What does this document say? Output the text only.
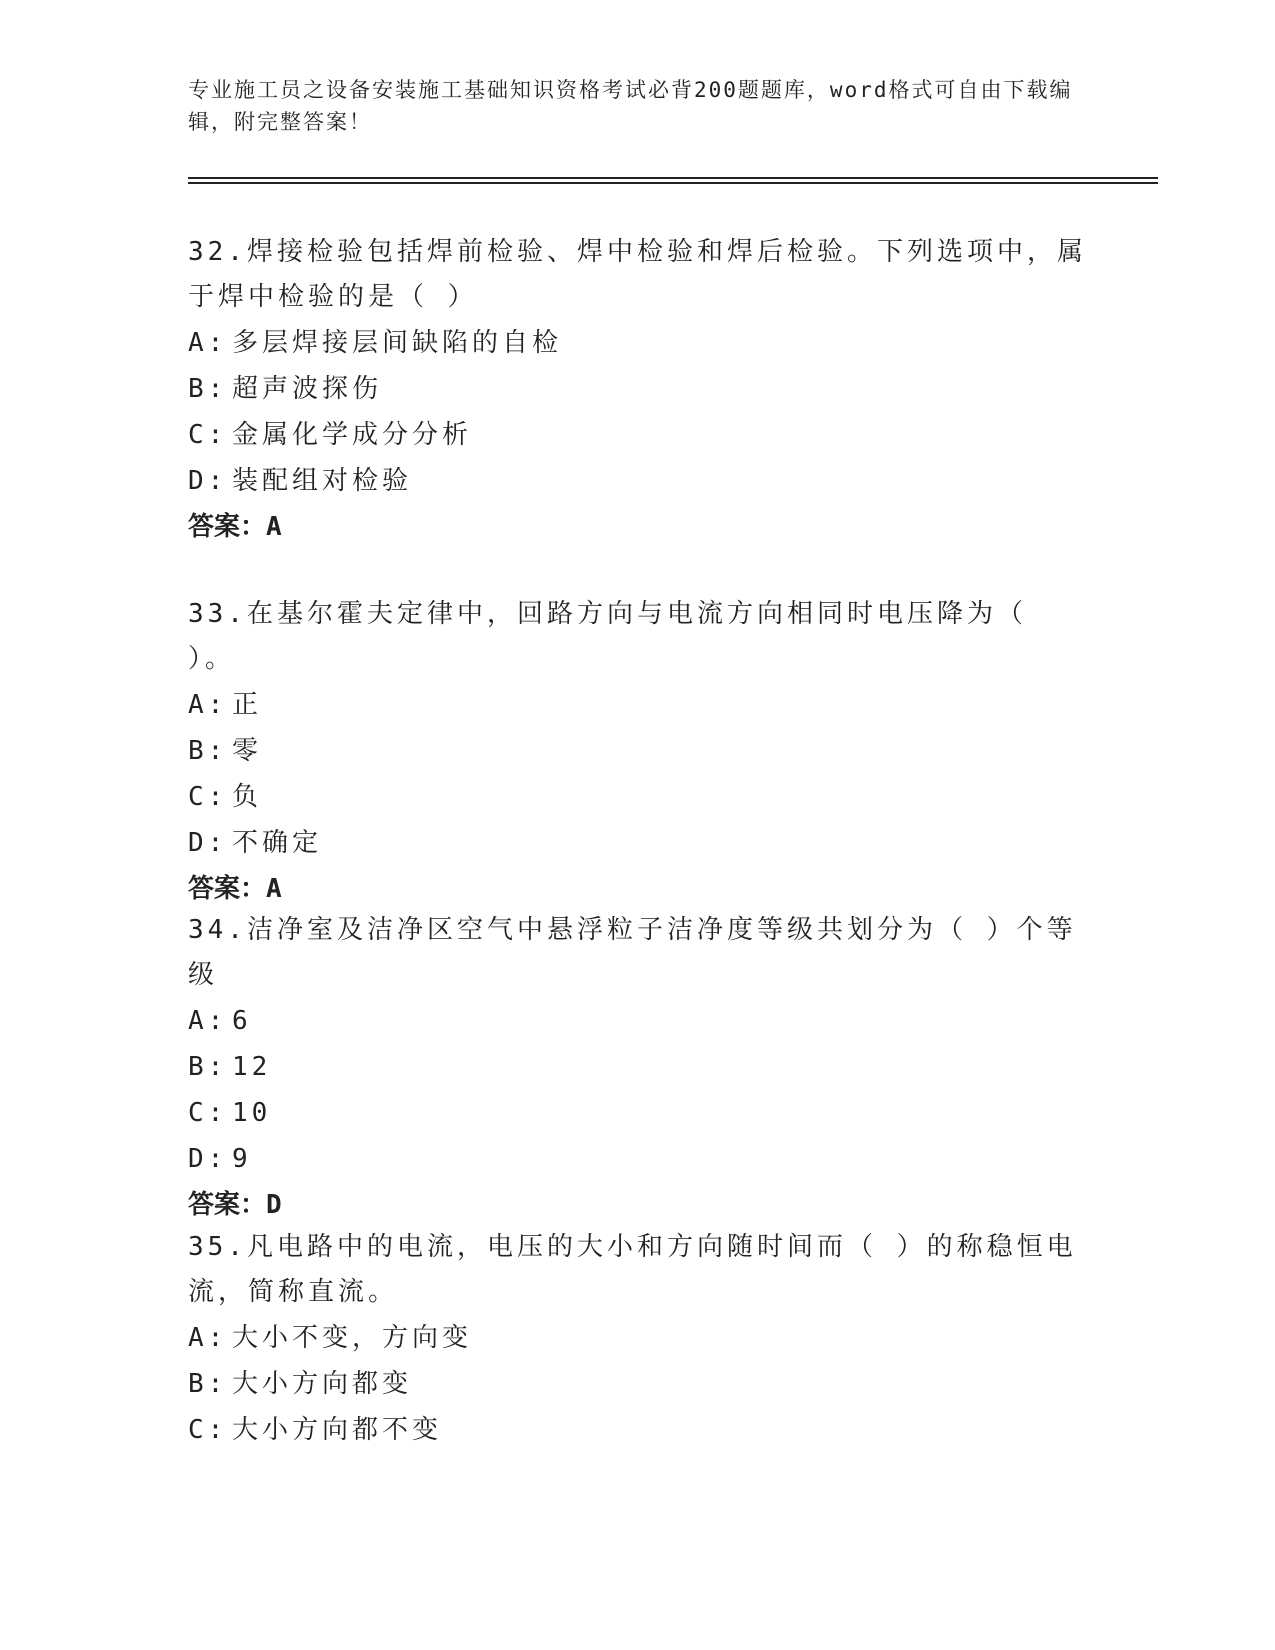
专业施工员之设备安装施工基础知识资格考试必背200题题库，word格式可自由下载编辑，附完整答案！

32.焊接检验包括焊前检验、焊中检验和焊后检验。下列选项中，属于焊中检验的是（ ）

A: 多层焊接层间缺陷的自检

B: 超声波探伤

C: 金属化学成分分析

D: 装配组对检验

答案：A

33.在基尔霍夫定律中，回路方向与电流方向相同时电压降为（ ）。

A: 正

B: 零

C: 负

D: 不确定

答案：A

34.洁净室及洁净区空气中悬浮粒子洁净度等级共划分为（ ）个等级

A: 6

B: 12

C: 10

D: 9

答案：D

35.凡电路中的电流，电压的大小和方向随时间而（ ）的称稳恒电流，简称直流。

A: 大小不变，方向变

B: 大小方向都变

C: 大小方向都不变
